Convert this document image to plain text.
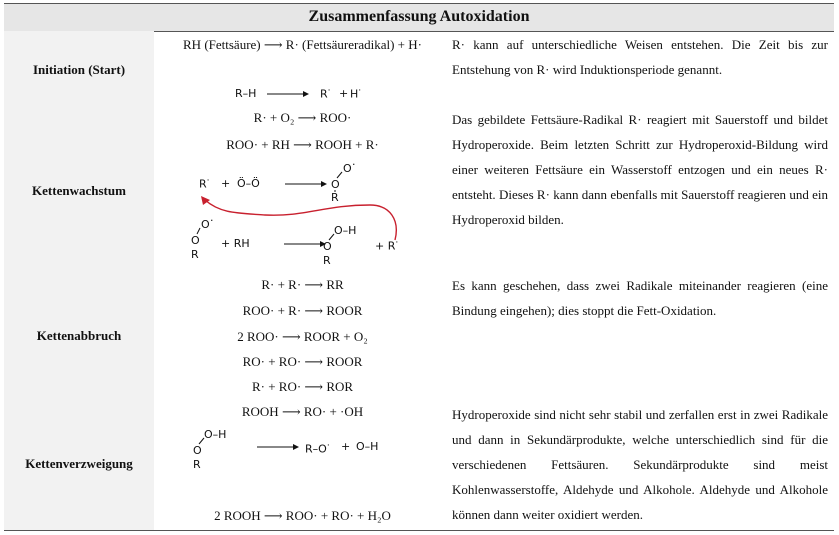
Zusammenfassung Autoxidation
Initiation (Start)
Kettenwachstum
Kettenabbruch
Kettenverzweigung
RH (Fettsäure) ⟶ R· (Fettsäureradikal) + H·
R–H → R· + H·
R· kann auf unterschiedliche Weisen entstehen. Die Zeit bis zur Entstehung von R· wird Induktionsperiode genannt.
R· + O₂ ⟶ ROO·
ROO· + RH ⟶ ROOH + R·
R· + Ö–Ö →
O ·
O
R
O ·
O
R
+ RH
O–H
O
R
+ R·
Das gebildete Fettsäure-Radikal R· reagiert mit Sauerstoff und bildet Hydroperoxide. Beim letzten Schritt zur Hydroperoxid-Bildung wird einer weiteren Fettsäure ein Wasserstoff entzogen und ein neues R· entsteht. Dieses R· kann dann ebenfalls mit Sauerstoff reagieren und ein Hydroperoxid bilden.
R· + R· ⟶ RR
ROO· + R· ⟶ ROOR
2 ROO· ⟶ ROOR + O₂
RO· + RO· ⟶ ROOR
R· + RO· ⟶ ROR
Es kann geschehen, dass zwei Radikale miteinander reagieren (eine Bindung eingehen); dies stoppt die Fett-Oxidation.
ROOH ⟶ RO· + ·OH
O–H
O
R
→ R–O· + O–H
2 ROOH ⟶ ROO· + RO· + H₂O
Hydroperoxide sind nicht sehr stabil und zerfallen erst in zwei Radikale und dann in Sekundärprodukte, welche unterschiedlich sind für die verschiedenen Fettsäuren. Sekundärprodukte sind meist Kohlenwasserstoffe, Aldehyde und Alkohole. Aldehyde und Alkohole können dann weiter oxidiert werden.
